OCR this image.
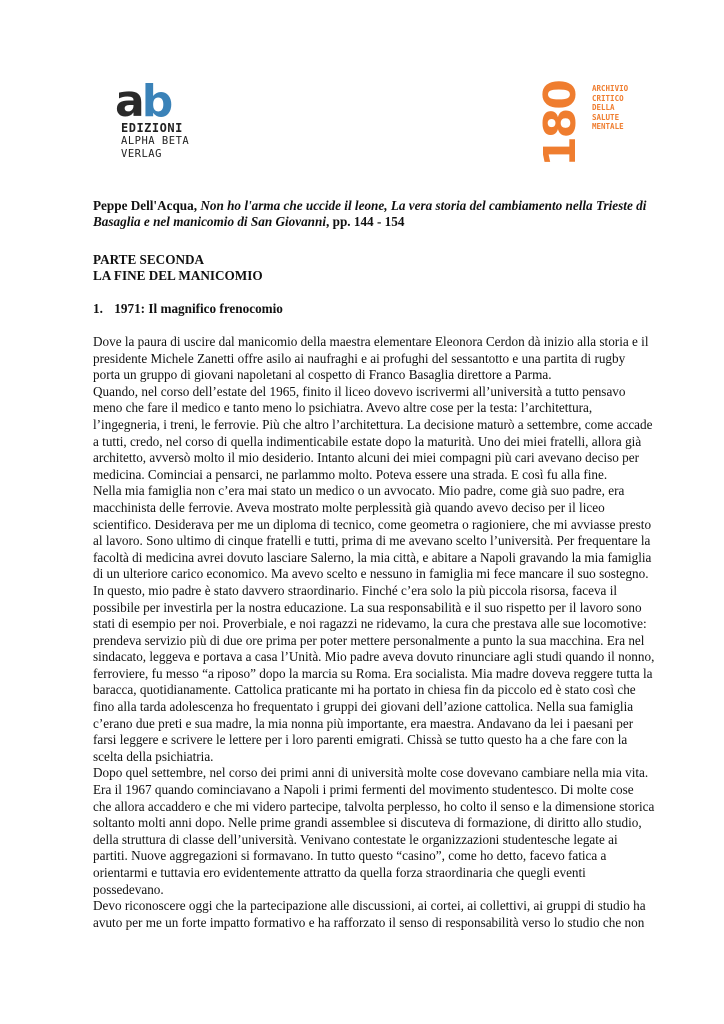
ab
EDIZIONI
ALPHA BETA
VERLAG	180 ARCHIVIO
CRITICO
DELLA
SALUTE
MENTALE
Peppe Dell'Acqua, Non ho l'arma che uccide il leone, La vera storia del cambiamento nella Trieste di Basaglia e nel manicomio di San Giovanni, pp. 144 - 154
PARTE SECONDA
LA FINE DEL MANICOMIO
1. 1971: Il magnifico frenocomio

Dove la paura di uscire dal manicomio della maestra elementare Eleonora Cerdon dà inizio alla storia e il presidente Michele Zanetti offre asilo ai naufraghi e ai profughi del sessantotto e una partita di rugby porta un gruppo di giovani napoletani al cospetto di Franco Basaglia direttore a Parma.

Quando, nel corso dell’estate del 1965, finito il liceo dovevo iscrivermi all’università a tutto pensavo meno che fare il medico e tanto meno lo psichiatra. Avevo altre cose per la testa: l’architettura, l’ingegneria, i treni, le ferrovie. Più che altro l’architettura. La decisione maturò a settembre, come accade a tutti, credo, nel corso di quella indimenticabile estate dopo la maturità. Uno dei miei fratelli, allora già architetto, avversò molto il mio desiderio. Intanto alcuni dei miei compagni più cari avevano deciso per medicina. Cominciai a pensarci, ne parlammo molto. Poteva essere una strada. E così fu alla fine.

Nella mia famiglia non c’era mai stato un medico o un avvocato. Mio padre, come già suo padre, era macchinista delle ferrovie. Aveva mostrato molte perplessità già quando avevo deciso per il liceo scientifico. Desiderava per me un diploma di tecnico, come geometra o ragioniere, che mi avviasse presto al lavoro. Sono ultimo di cinque fratelli e tutti, prima di me avevano scelto l’università. Per frequentare la facoltà di medicina avrei dovuto lasciare Salerno, la mia città, e abitare a Napoli gravando la mia famiglia di un ulteriore carico economico. Ma avevo scelto e nessuno in famiglia mi fece mancare il suo sostegno. In questo, mio padre è stato davvero straordinario. Finché c’era solo la più piccola risorsa, faceva il possibile per investirla per la nostra educazione. La sua responsabilità e il suo rispetto per il lavoro sono stati di esempio per noi. Proverbiale, e noi ragazzi ne ridevamo, la cura che prestava alle sue locomotive: prendeva servizio più di due ore prima per poter mettere personalmente a punto la sua macchina. Era nel sindacato, leggeva e portava a casa l’Unità. Mio padre aveva dovuto rinunciare agli studi quando il nonno, ferroviere, fu messo “a riposo” dopo la marcia su Roma. Era socialista. Mia madre doveva reggere tutta la baracca, quotidianamente. Cattolica praticante mi ha portato in chiesa fin da piccolo ed è stato così che fino alla tarda adolescenza ho frequentato i gruppi dei giovani dell’azione cattolica. Nella sua famiglia c’erano due preti e sua madre, la mia nonna più importante, era maestra. Andavano da lei i paesani per farsi leggere e scrivere le lettere per i loro parenti emigrati. Chissà se tutto questo ha a che fare con la scelta della psichiatria.

Dopo quel settembre, nel corso dei primi anni di università molte cose dovevano cambiare nella mia vita. Era il 1967 quando cominciavano a Napoli i primi fermenti del movimento studentesco. Di molte cose che allora accaddero e che mi videro partecipe, talvolta perplesso, ho colto il senso e la dimensione storica soltanto molti anni dopo. Nelle prime grandi assemblee si discuteva di formazione, di diritto allo studio, della struttura di classe dell’università. Venivano contestate le organizzazioni studentesche legate ai partiti. Nuove aggregazioni si formavano. In tutto questo “casino”, come ho detto, facevo fatica a orientarmi e tuttavia ero evidentemente attratto da quella forza straordinaria che quegli eventi possedevano.

Devo riconoscere oggi che la partecipazione alle discussioni, ai cortei, ai collettivi, ai gruppi di studio ha avuto per me un forte impatto formativo e ha rafforzato il senso di responsabilità verso lo studio che non
